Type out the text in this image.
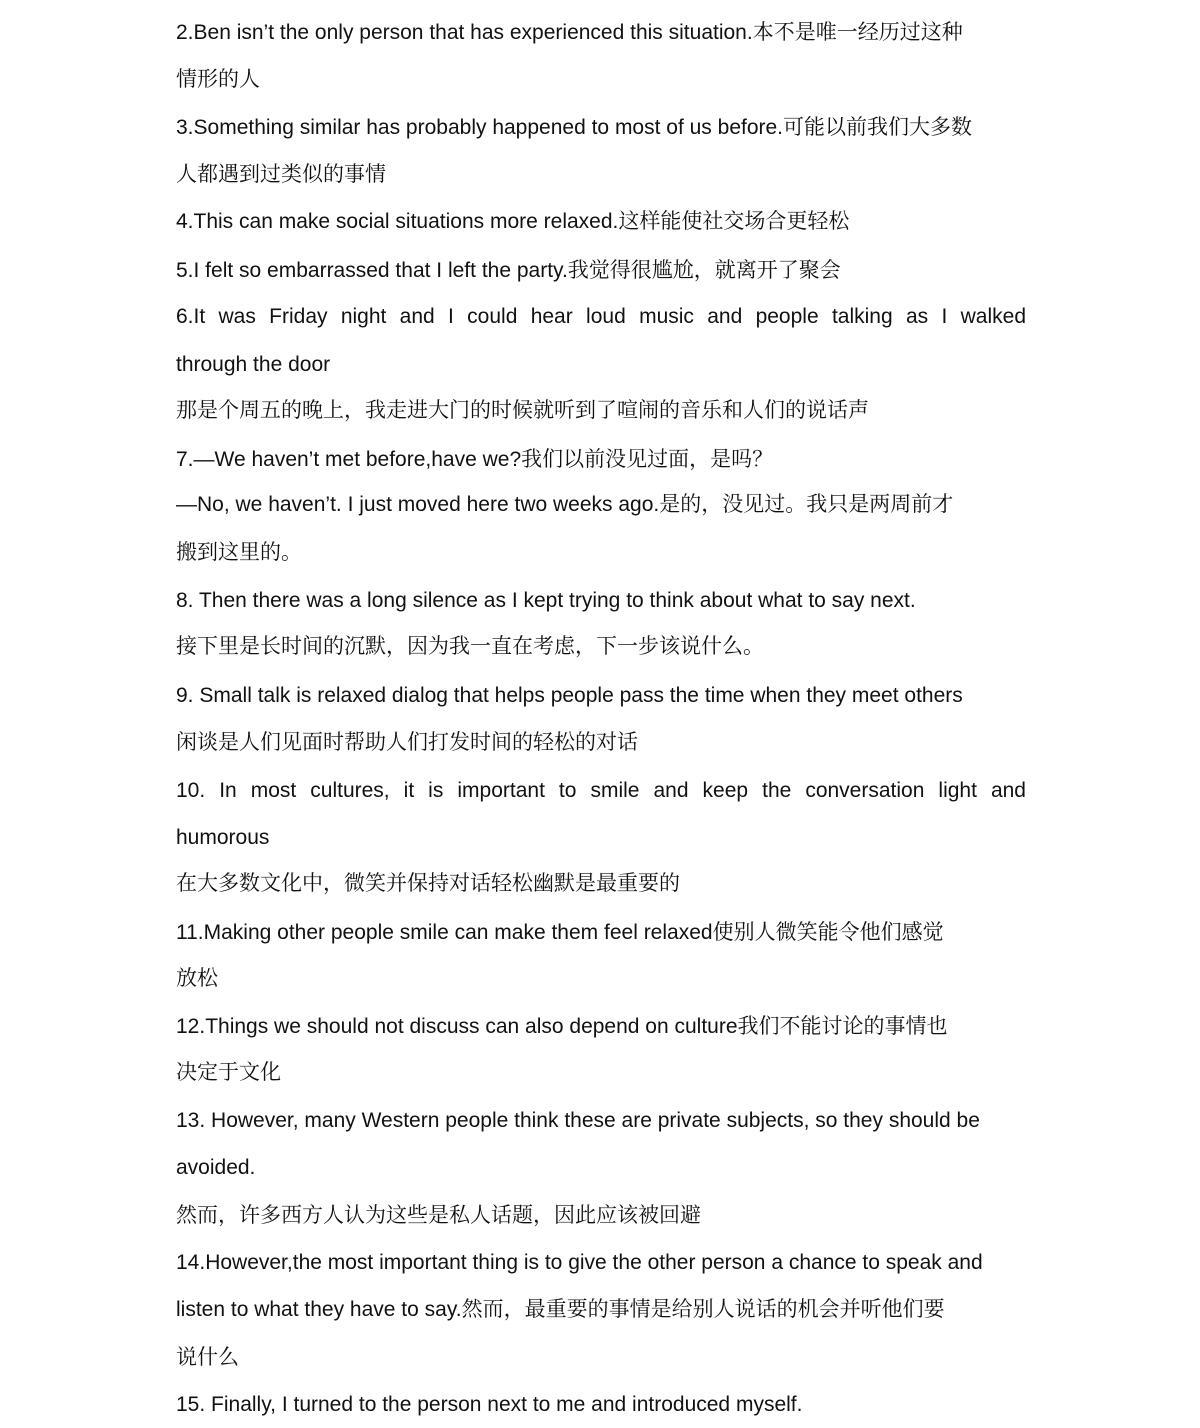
2.Ben isn’t the only person that has experienced this situation.本不是唯一经历过这种
情形的人
3.Something similar has probably happened to most of us before.可能以前我们大多数
人都遇到过类似的事情
4.This can make social situations more relaxed.这样能使社交场合更轻松
5.I felt so embarrassed that I left the party.我觉得很尴尬，就离开了聚会
6.It was Friday night and I could hear loud music and people talking as I walked
through the door
那是个周五的晚上，我走进大门的时候就听到了喧闹的音乐和人们的说话声
7.—We haven’t met before,have we?我们以前没见过面，是吗？
—No, we haven’t. I just moved here two weeks ago.是的，没见过。我只是两周前才
搬到这里的。
8. Then there was a long silence as I kept trying to think about what to say next.
接下里是长时间的沉默，因为我一直在考虑，下一步该说什么。
9. Small talk is relaxed dialog that helps people pass the time when they meet others
闲谈是人们见面时帮助人们打发时间的轻松的对话
10. In most cultures, it is important to smile and keep the conversation light and
humorous
在大多数文化中，微笑并保持对话轻松幽默是最重要的
11.Making other people smile can make them feel relaxed使别人微笑能令他们感觉
放松
12.Things we should not discuss can also depend on culture我们不能讨论的事情也
决定于文化
13. However, many Western people think these are private subjects, so they should be
avoided.
然而，许多西方人认为这些是私人话题，因此应该被回避
14.However,the most important thing is to give the other person a chance to speak and
listen to what they have to say.然而，最重要的事情是给别人说话的机会并听他们要
说什么
15. Finally, I turned to the person next to me and introduced myself.
